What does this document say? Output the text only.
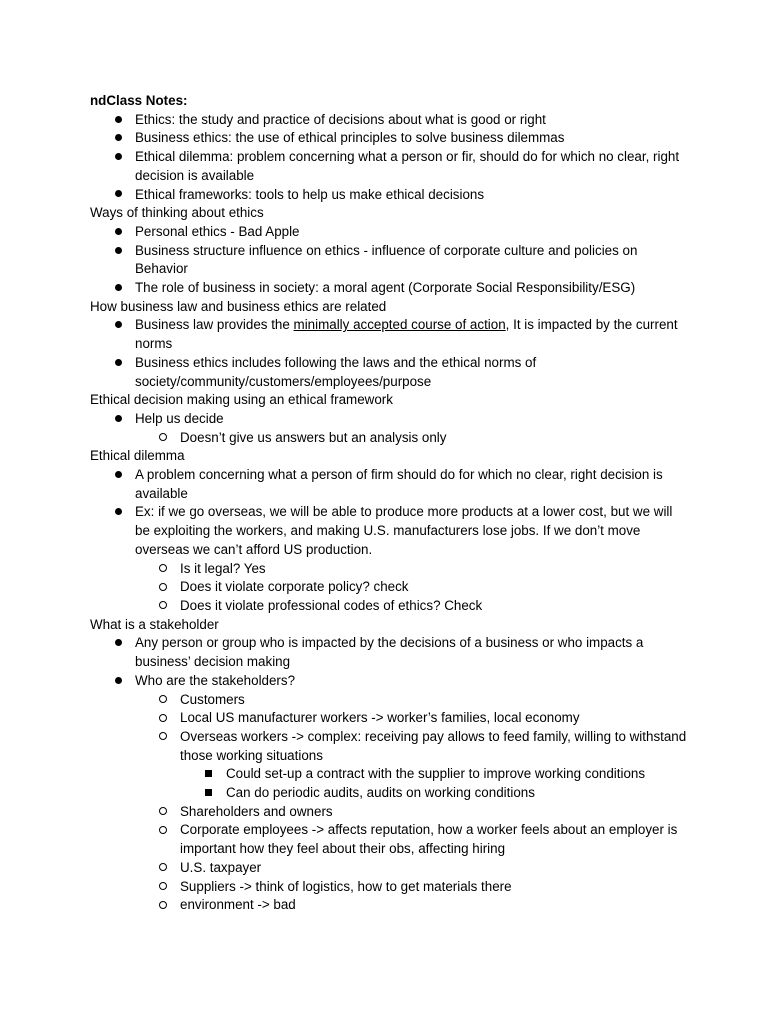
ndClass Notes:
Ethics: the study and practice of decisions about what is good or right
Business ethics: the use of ethical principles to solve business dilemmas
Ethical dilemma: problem concerning what a person or fir, should do for which no clear, right decision is available
Ethical frameworks: tools to help us make ethical decisions
Ways of thinking about ethics
Personal ethics - Bad Apple
Business structure influence on ethics - influence of corporate culture and policies on Behavior
The role of business in society: a moral agent (Corporate Social Responsibility/ESG)
How business law and business ethics are related
Business law provides the minimally accepted course of action, It is impacted by the current norms
Business ethics includes following the laws and the ethical norms of society/community/customers/employees/purpose
Ethical decision making using an ethical framework
Help us decide
Doesn’t give us answers but an analysis only
Ethical dilemma
A problem concerning what a person of firm should do for which no clear, right decision is available
Ex: if we go overseas, we will be able to produce more products at a lower cost, but we will be exploiting the workers, and making U.S. manufacturers lose jobs. If we don’t move overseas we can’t afford US production.
Is it legal? Yes
Does it violate corporate policy? check
Does it violate professional codes of ethics? Check
What is a stakeholder
Any person or group who is impacted by the decisions of a business or who impacts a business’ decision making
Who are the stakeholders?
Customers
Local US manufacturer workers -> worker’s families, local economy
Overseas workers -> complex: receiving pay allows to feed family, willing to withstand those working situations
Could set-up a contract with the supplier to improve working conditions
Can do periodic audits, audits on working conditions
Shareholders and owners
Corporate employees -> affects reputation, how a worker feels about an employer is important how they feel about their obs, affecting hiring
U.S. taxpayer
Suppliers -> think of logistics, how to get materials there
environment -> bad
